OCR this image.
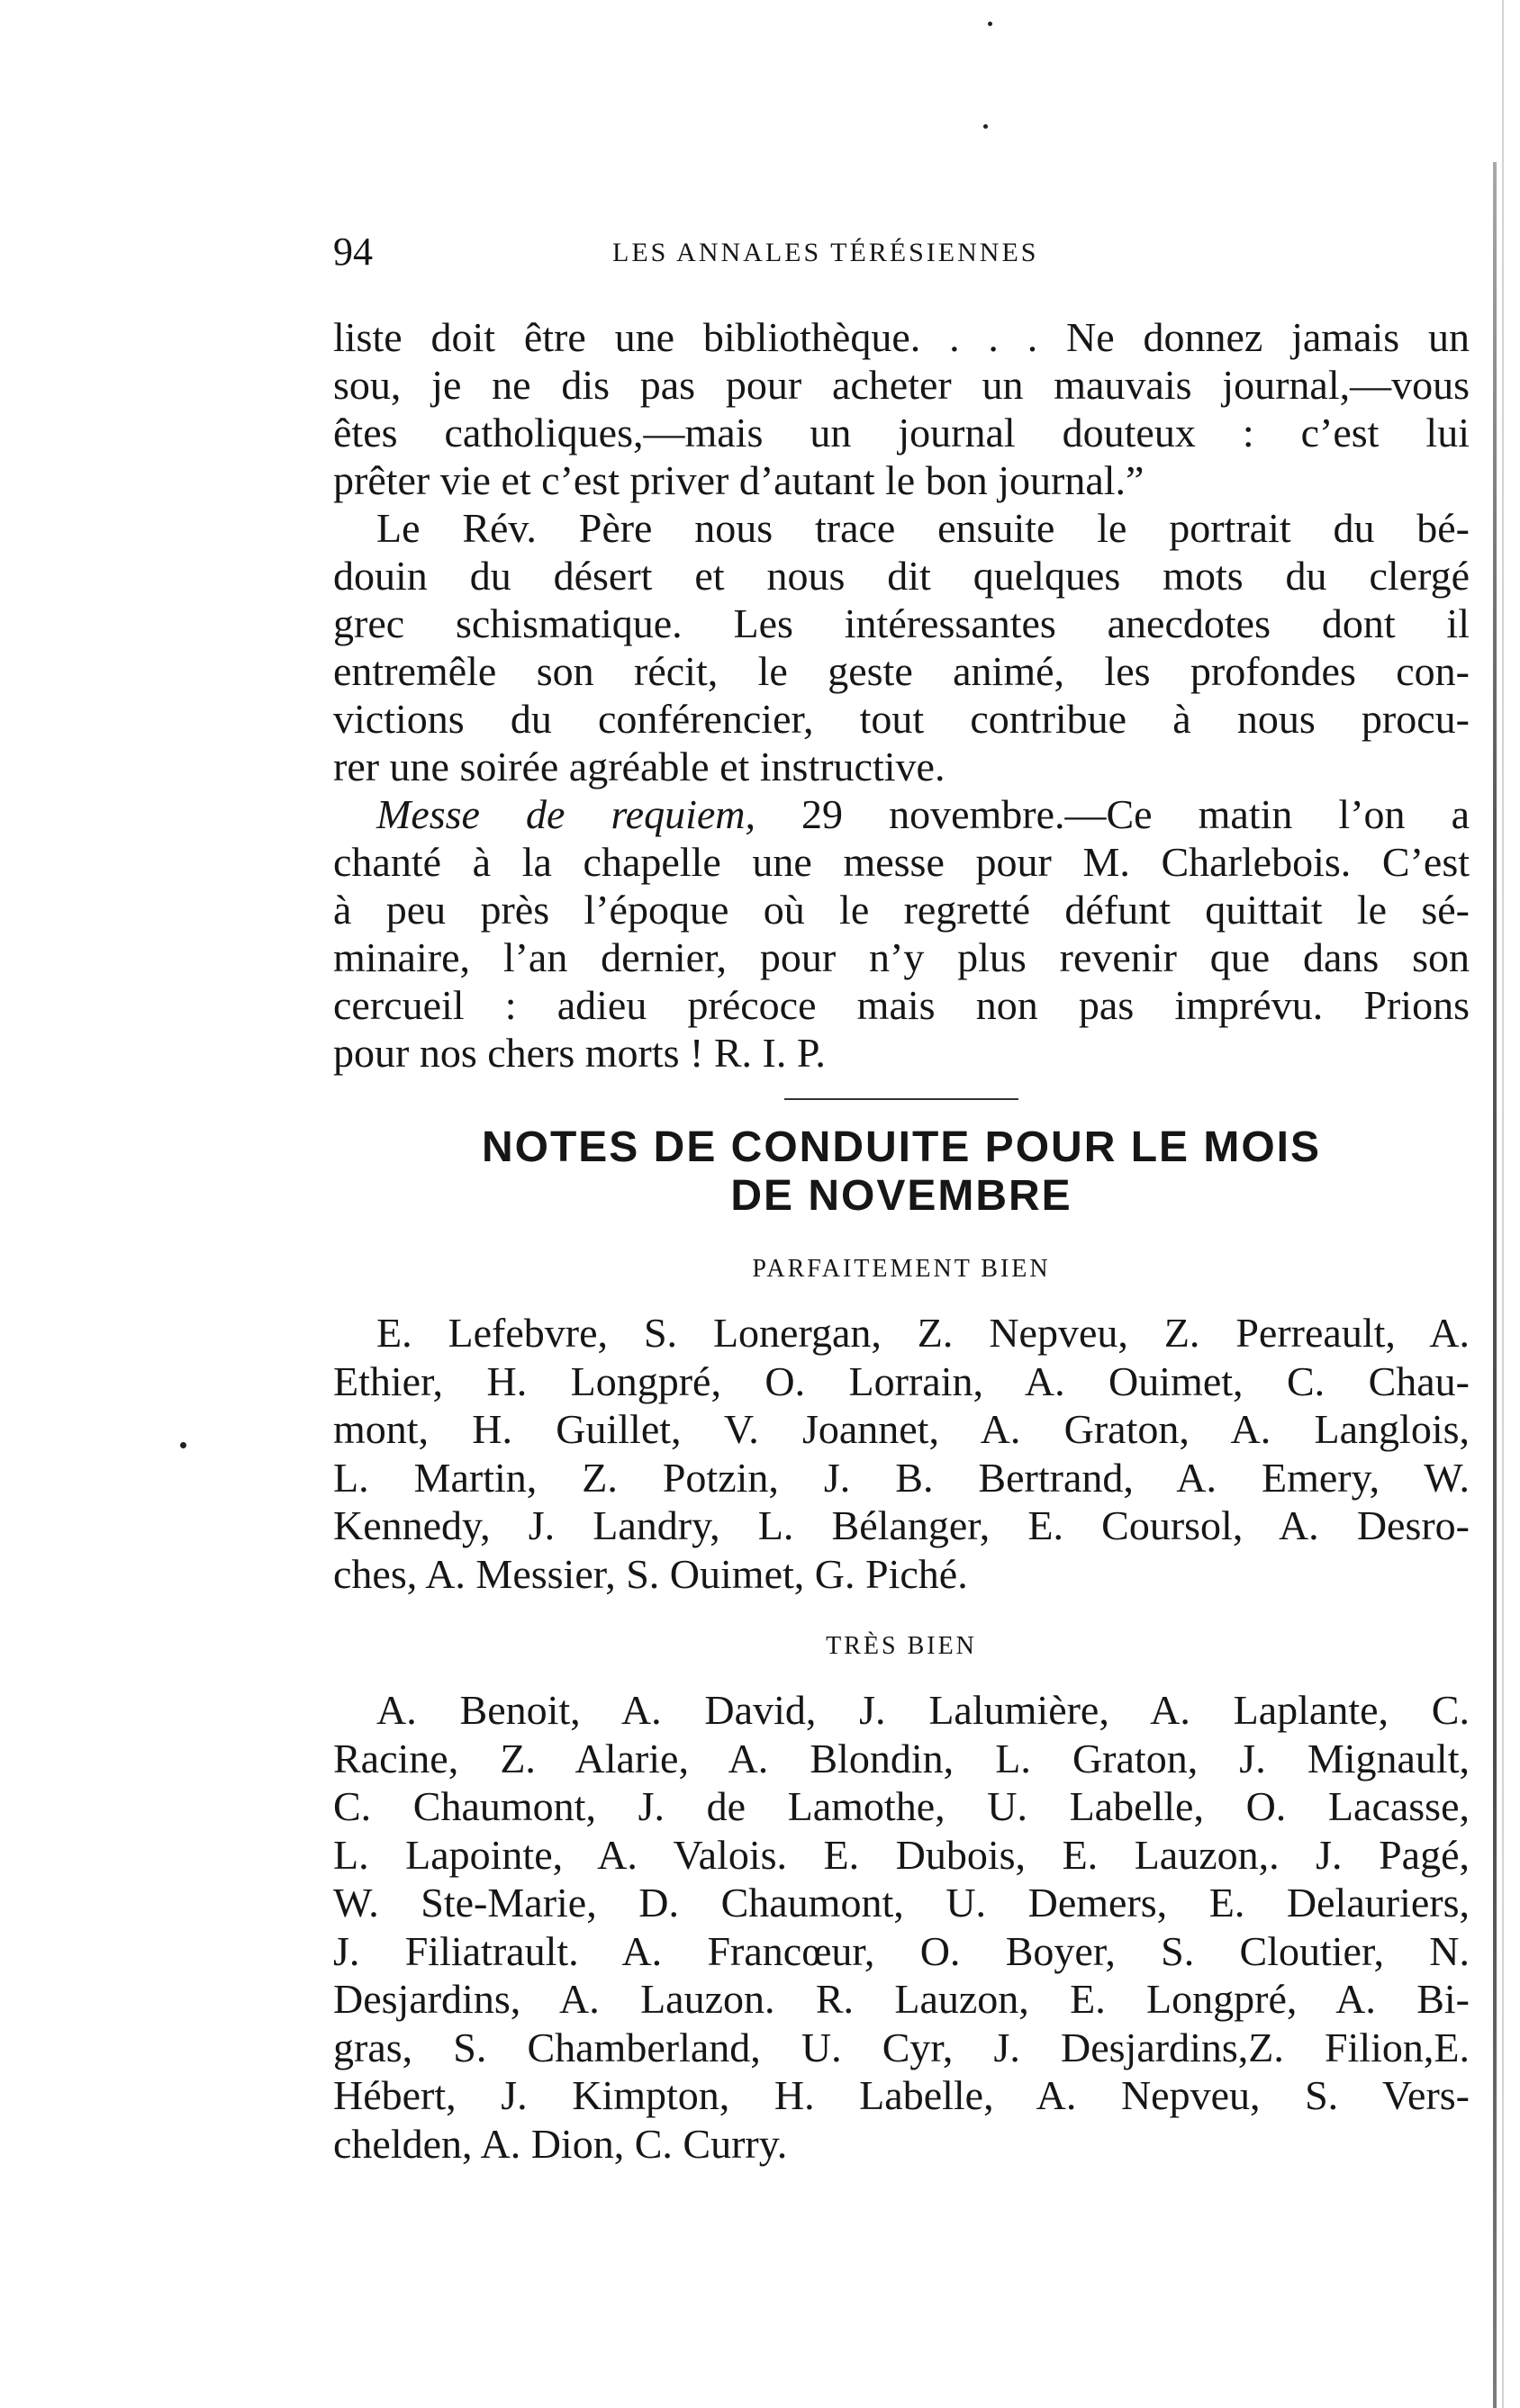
94	LES ANNALES TÉRÉSIENNES

liste doit être une bibliothèque. . . . Ne donnez jamais un
sou, je ne dis pas pour acheter un mauvais journal,—vous
êtes catholiques,—mais un journal douteux : c’est lui
prêter vie et c’est priver d’autant le bon journal.”

Le Rév. Père nous trace ensuite le portrait du bé-
douin du désert et nous dit quelques mots du clergé
grec schismatique. Les intéressantes anecdotes dont il
entremêle son récit, le geste animé, les profondes con-
victions du conférencier, tout contribue à nous procu-
rer une soirée agréable et instructive.

Messe de requiem, 29 novembre.—Ce matin l’on a
chanté à la chapelle une messe pour M. Charlebois. C’est
à peu près l’époque où le regretté défunt quittait le sé-
minaire, l’an dernier, pour n’y plus revenir que dans son
cercueil : adieu précoce mais non pas imprévu. Prions
pour nos chers morts ! R. I. P.

NOTES DE CONDUITE POUR LE MOIS
DE NOVEMBRE
PARFAITEMENT BIEN

E. Lefebvre, S. Lonergan, Z. Nepveu, Z. Perreault, A.
Ethier, H. Longpré, O. Lorrain, A. Ouimet, C. Chau-
mont, H. Guillet, V. Joannet, A. Graton, A. Langlois,
L. Martin, Z. Potzin, J. B. Bertrand, A. Emery, W.
Kennedy, J. Landry, L. Bélanger, E. Coursol, A. Desro-
ches, A. Messier, S. Ouimet, G. Piché.

TRÈS BIEN

A. Benoit, A. David, J. Lalumière, A. Laplante, C.
Racine, Z. Alarie, A. Blondin, L. Graton, J. Mignault,
C. Chaumont, J. de Lamothe, U. Labelle, O. Lacasse,
L. Lapointe, A. Valois. E. Dubois, E. Lauzon,. J. Pagé,
W. Ste-Marie, D. Chaumont, U. Demers, E. Delauriers,
J. Filiatrault. A. Francœur, O. Boyer, S. Cloutier, N.
Desjardins, A. Lauzon. R. Lauzon, E. Longpré, A. Bi-
gras, S. Chamberland, U. Cyr, J. Desjardins,Z. Filion,E.
Hébert, J. Kimpton, H. Labelle, A. Nepveu, S. Vers-
chelden, A. Dion, C. Curry.
